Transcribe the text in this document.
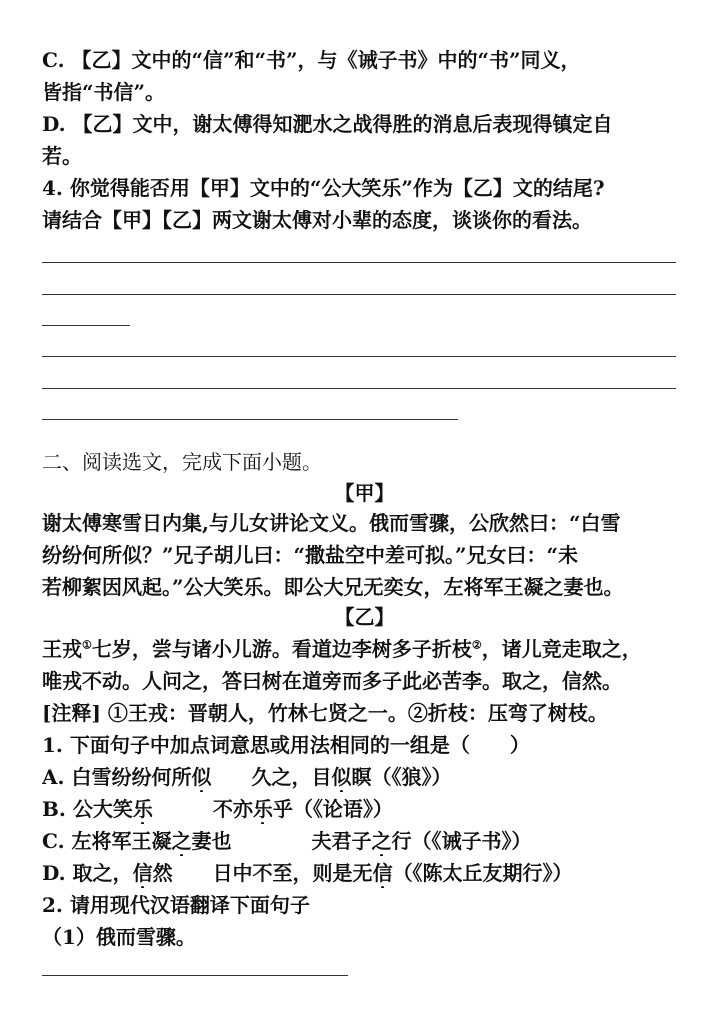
C. 【乙】文中的“信”和“书”，与《诫子书》中的“书”同义，
皆指“书信”。
D. 【乙】文中，谢太傅得知淝水之战得胜的消息后表现得镇定自
若。
4. 你觉得能否用【甲】文中的“公大笑乐”作为【乙】文的结尾?
请结合【甲】【乙】两文谢太傅对小辈的态度，谈谈你的看法。
二、阅读选文，完成下面小题。
【甲】
谢太傅寒雪日内集,与儿女讲论文义。俄而雪骤，公欣然曰：“白雪
纷纷何所似？”兄子胡儿曰：“撒盐空中差可拟。”兄女曰：“未
若柳絮因风起。”公大笑乐。即公大兄无奕女，左将军王凝之妻也。
【乙】
王戎①七岁，尝与诸小儿游。看道边李树多子折枝②，诸儿竞走取之，
唯戎不动。人问之，答曰树在道旁而多子此必苦李。取之，信然。
[注释] ①王戎：晋朝人，竹林七贤之一。②折枝：压弯了树枝。
1. 下面句子中加点词意思或用法相同的一组是（　　）
A. 白雪纷纷何所似　　 久之，目似瞑（《狼》）
B. 公大笑乐　　　	不亦乐乎（《论语》）
C. 左将军王凝之妻也　　　　	夫君子之行（《诫子书》）
D. 取之，信然　　 日中不至，则是无信（《陈太丘友期行》）
2. 请用现代汉语翻译下面句子
（1）俄而雪骤。
